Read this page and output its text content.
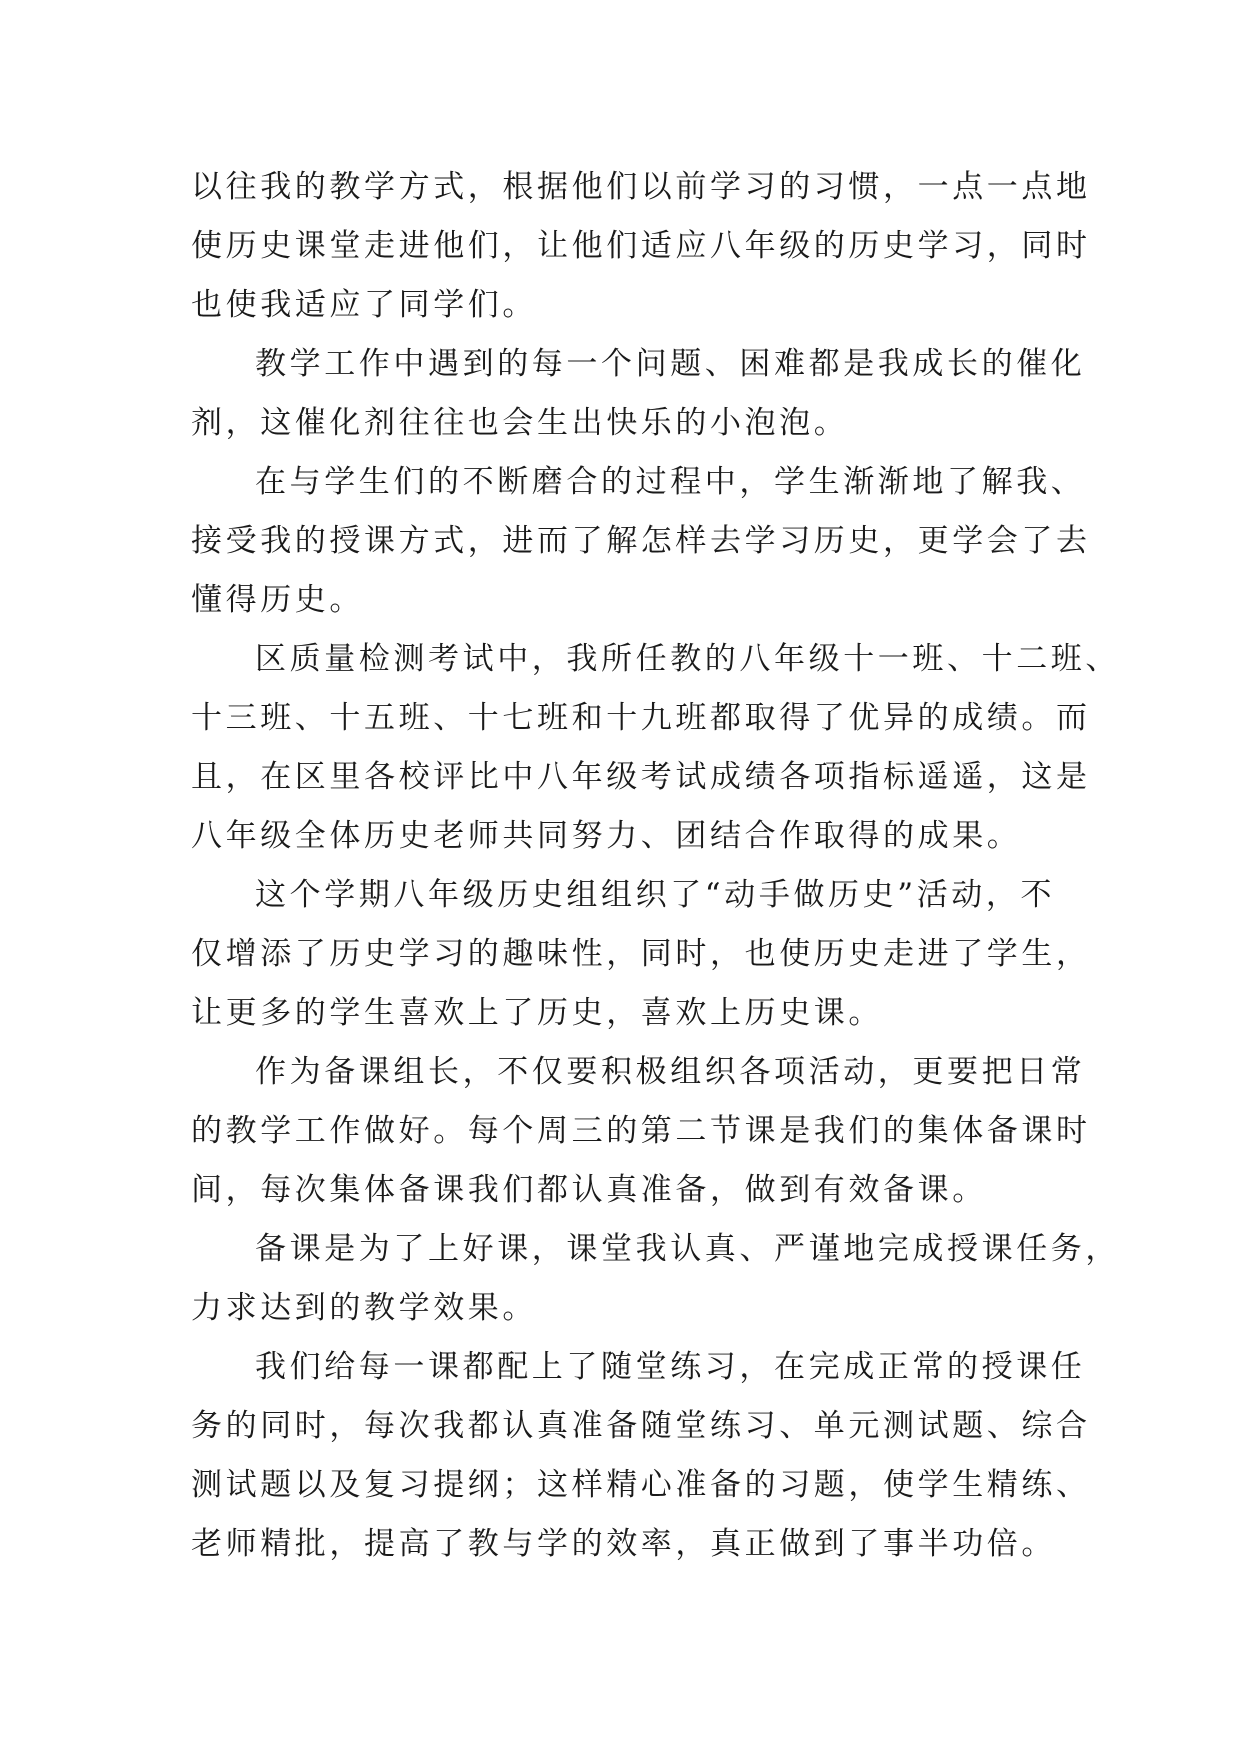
以往我的教学方式，根据他们以前学习的习惯，一点一点地
使历史课堂走进他们，让他们适应八年级的历史学习，同时
也使我适应了同学们。
教学工作中遇到的每一个问题、困难都是我成长的催化
剂，这催化剂往往也会生出快乐的小泡泡。
在与学生们的不断磨合的过程中，学生渐渐地了解我、
接受我的授课方式，进而了解怎样去学习历史，更学会了去
懂得历史。
区质量检测考试中，我所任教的八年级十一班、十二班、
十三班、十五班、十七班和十九班都取得了优异的成绩。而
且，在区里各校评比中八年级考试成绩各项指标遥遥，这是
八年级全体历史老师共同努力、团结合作取得的成果。
这个学期八年级历史组组织了“动手做历史”活动，不
仅增添了历史学习的趣味性，同时，也使历史走进了学生，
让更多的学生喜欢上了历史，喜欢上历史课。
作为备课组长，不仅要积极组织各项活动，更要把日常
的教学工作做好。每个周三的第二节课是我们的集体备课时
间，每次集体备课我们都认真准备，做到有效备课。
备课是为了上好课，课堂我认真、严谨地完成授课任务，
力求达到的教学效果。
我们给每一课都配上了随堂练习，在完成正常的授课任
务的同时，每次我都认真准备随堂练习、单元测试题、综合
测试题以及复习提纲；这样精心准备的习题，使学生精练、
老师精批，提高了教与学的效率，真正做到了事半功倍。
